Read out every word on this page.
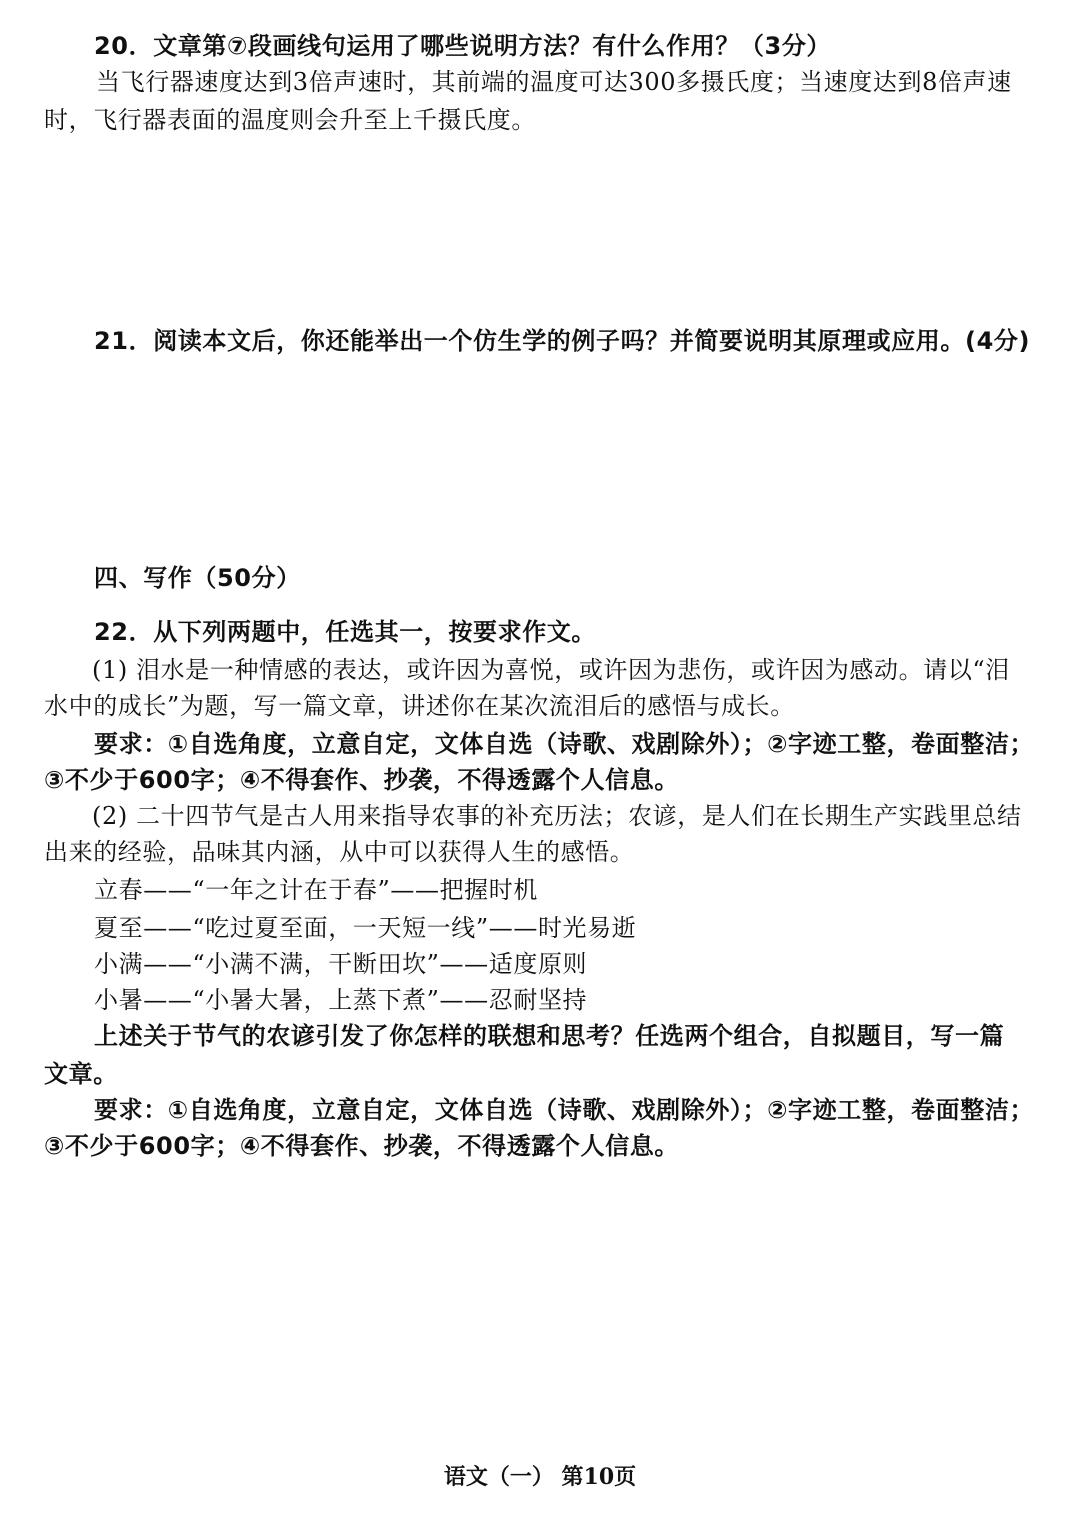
20．文章第⑦段画线句运用了哪些说明方法？有什么作用？（3分）
当飞行器速度达到3倍声速时，其前端的温度可达300多摄氏度；当速度达到8倍声速
时，飞行器表面的温度则会升至上千摄氏度。
21．阅读本文后，你还能举出一个仿生学的例子吗？并简要说明其原理或应用。(4分)
四、写作（50分）
22．从下列两题中，任选其一，按要求作文。
(1) 泪水是一种情感的表达，或许因为喜悦，或许因为悲伤，或许因为感动。请以“泪
水中的成长”为题，写一篇文章，讲述你在某次流泪后的感悟与成长。
要求：①自选角度，立意自定，文体自选（诗歌、戏剧除外）；②字迹工整，卷面整洁；
③不少于600字；④不得套作、抄袭，不得透露个人信息。
(2) 二十四节气是古人用来指导农事的补充历法；农谚，是人们在长期生产实践里总结
出来的经验，品味其内涵，从中可以获得人生的感悟。
立春——“一年之计在于春”——把握时机
夏至——“吃过夏至面，一天短一线”——时光易逝
小满——“小满不满，干断田坎”——适度原则
小暑——“小暑大暑，上蒸下煮”——忍耐坚持
上述关于节气的农谚引发了你怎样的联想和思考？任选两个组合，自拟题目，写一篇
文章。
要求：①自选角度，立意自定，文体自选（诗歌、戏剧除外）；②字迹工整，卷面整洁；
③不少于600字；④不得套作、抄袭，不得透露个人信息。
语文（一） 第10页
